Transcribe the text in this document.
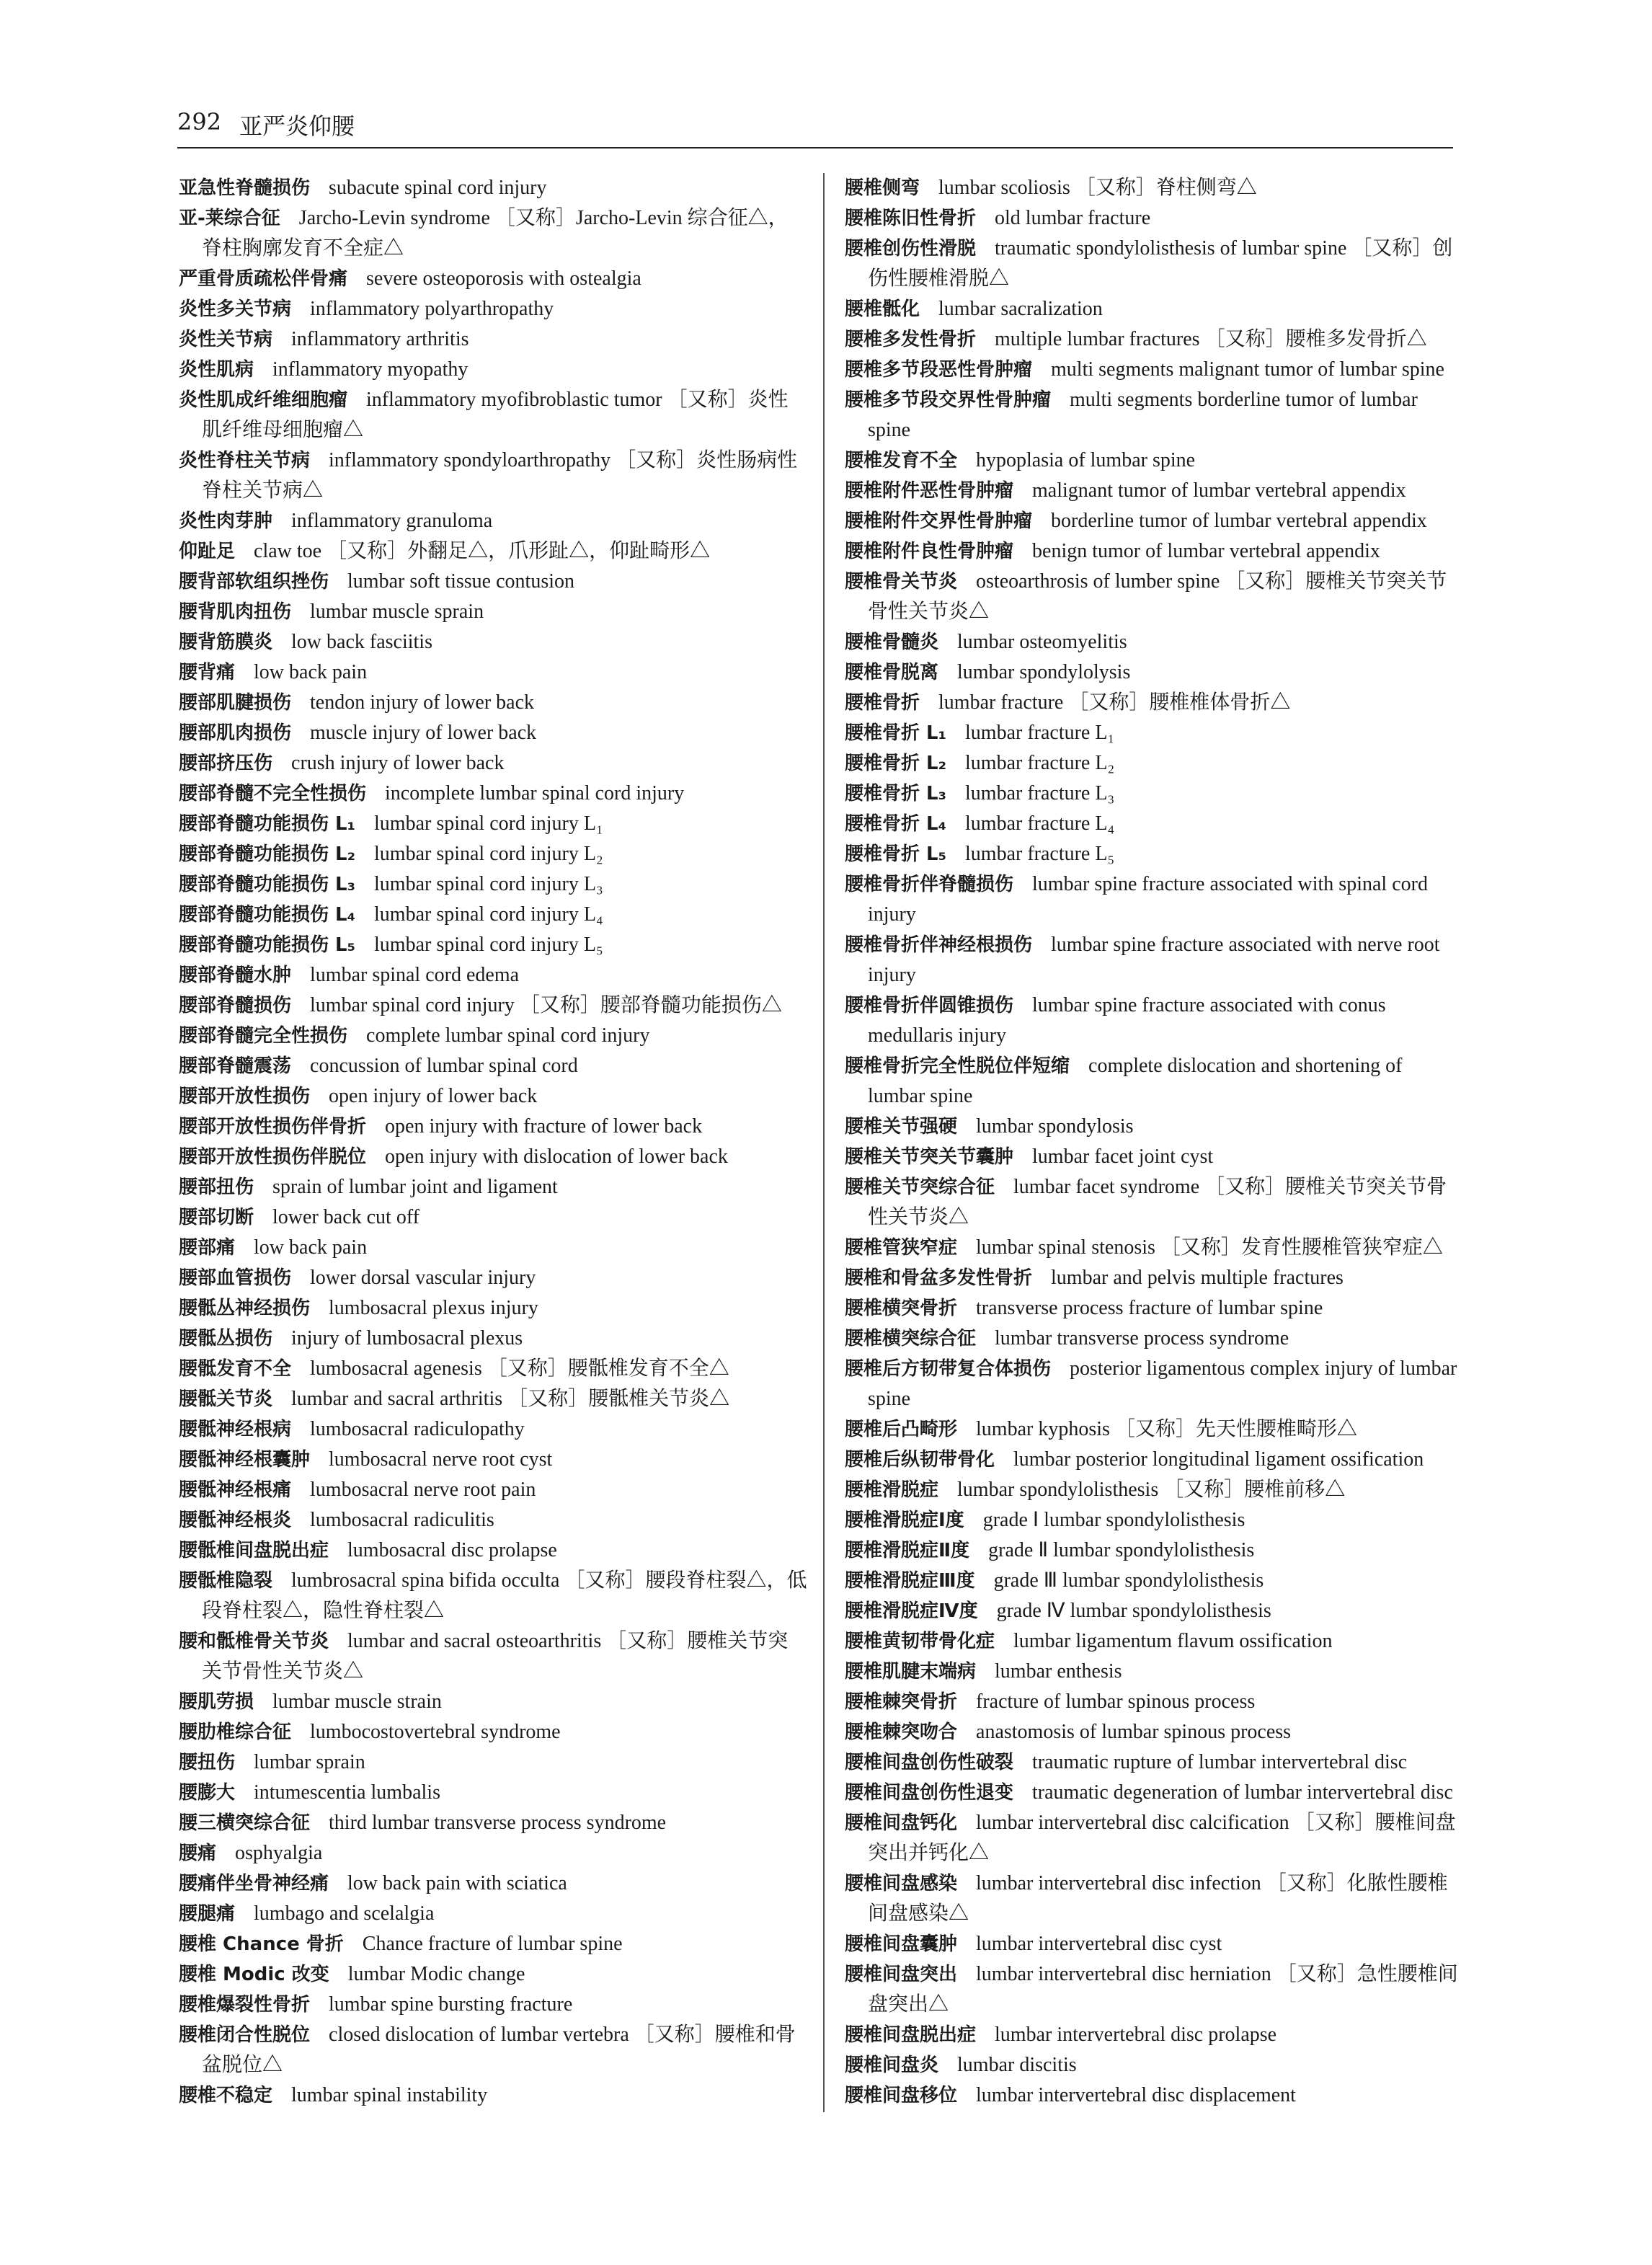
292 亚严炎仰腰

亚急性脊髓损伤 subacute spinal cord injury

亚-莱综合征 Jarcho-Levin syndrome ［又称］Jarcho-Levin 综合征△，脊柱胸廓发育不全症△

严重骨质疏松伴骨痛 severe osteoporosis with ostealgia

炎性多关节病 inflammatory polyarthropathy

炎性关节病 inflammatory arthritis

炎性肌病 inflammatory myopathy

炎性肌成纤维细胞瘤 inflammatory myofibroblastic tumor ［又称］炎性肌纤维母细胞瘤△

炎性脊柱关节病 inflammatory spondyloarthropathy ［又称］炎性肠病性脊柱关节病△

炎性肉芽肿 inflammatory granuloma

仰趾足 claw toe ［又称］外翻足△，爪形趾△，仰趾畸形△

腰背部软组织挫伤 lumbar soft tissue contusion

腰背肌肉扭伤 lumbar muscle sprain

腰背筋膜炎 low back fasciitis

腰背痛 low back pain

腰部肌腱损伤 tendon injury of lower back

腰部肌肉损伤 muscle injury of lower back

腰部挤压伤 crush injury of lower back

腰部脊髓不完全性损伤 incomplete lumbar spinal cord injury

腰部脊髓功能损伤 L₁ lumbar spinal cord injury L₁

腰部脊髓功能损伤 L₂ lumbar spinal cord injury L₂

腰部脊髓功能损伤 L₃ lumbar spinal cord injury L₃

腰部脊髓功能损伤 L₄ lumbar spinal cord injury L₄

腰部脊髓功能损伤 L₅ lumbar spinal cord injury L₅

腰部脊髓水肿 lumbar spinal cord edema

腰部脊髓损伤 lumbar spinal cord injury ［又称］腰部脊髓功能损伤△

腰部脊髓完全性损伤 complete lumbar spinal cord injury

腰部脊髓震荡 concussion of lumbar spinal cord

腰部开放性损伤 open injury of lower back

腰部开放性损伤伴骨折 open injury with fracture of lower back

腰部开放性损伤伴脱位 open injury with dislocation of lower back

腰部扭伤 sprain of lumbar joint and ligament

腰部切断 lower back cut off

腰部痛 low back pain

腰部血管损伤 lower dorsal vascular injury

腰骶丛神经损伤 lumbosacral plexus injury

腰骶丛损伤 injury of lumbosacral plexus

腰骶发育不全 lumbosacral agenesis ［又称］腰骶椎发育不全△

腰骶关节炎 lumbar and sacral arthritis ［又称］腰骶椎关节炎△

腰骶神经根病 lumbosacral radiculopathy

腰骶神经根囊肿 lumbosacral nerve root cyst

腰骶神经根痛 lumbosacral nerve root pain

腰骶神经根炎 lumbosacral radiculitis

腰骶椎间盘脱出症 lumbosacral disc prolapse

腰骶椎隐裂 lumbrosacral spina bifida occulta ［又称］腰段脊柱裂△，低段脊柱裂△，隐性脊柱裂△

腰和骶椎骨关节炎 lumbar and sacral osteoarthritis ［又称］腰椎关节突关节骨性关节炎△

腰肌劳损 lumbar muscle strain

腰肋椎综合征 lumbocostovertebral syndrome

腰扭伤 lumbar sprain

腰膨大 intumescentia lumbalis

腰三横突综合征 third lumbar transverse process syndrome

腰痛 osphyalgia

腰痛伴坐骨神经痛 low back pain with sciatica

腰腿痛 lumbago and scelalgia

腰椎 Chance 骨折 Chance fracture of lumbar spine

腰椎 Modic 改变 lumbar Modic change

腰椎爆裂性骨折 lumbar spine bursting fracture

腰椎闭合性脱位 closed dislocation of lumbar vertebra ［又称］腰椎和骨盆脱位△

腰椎不稳定 lumbar spinal instability

腰椎侧弯 lumbar scoliosis ［又称］脊柱侧弯△

腰椎陈旧性骨折 old lumbar fracture

腰椎创伤性滑脱 traumatic spondylolisthesis of lumbar spine ［又称］创伤性腰椎滑脱△

腰椎骶化 lumbar sacralization

腰椎多发性骨折 multiple lumbar fractures ［又称］腰椎多发骨折△

腰椎多节段恶性骨肿瘤 multi segments malignant tumor of lumbar spine

腰椎多节段交界性骨肿瘤 multi segments borderline tumor of lumbar spine

腰椎发育不全 hypoplasia of lumbar spine

腰椎附件恶性骨肿瘤 malignant tumor of lumbar vertebral appendix

腰椎附件交界性骨肿瘤 borderline tumor of lumbar vertebral appendix

腰椎附件良性骨肿瘤 benign tumor of lumbar vertebral appendix

腰椎骨关节炎 osteoarthrosis of lumber spine ［又称］腰椎关节突关节骨性关节炎△

腰椎骨髓炎 lumbar osteomyelitis

腰椎骨脱离 lumbar spondylolysis

腰椎骨折 lumbar fracture ［又称］腰椎椎体骨折△

腰椎骨折 L₁ lumbar fracture L₁

腰椎骨折 L₂ lumbar fracture L₂

腰椎骨折 L₃ lumbar fracture L₃

腰椎骨折 L₄ lumbar fracture L₄

腰椎骨折 L₅ lumbar fracture L₅

腰椎骨折伴脊髓损伤 lumbar spine fracture associated with spinal cord injury

腰椎骨折伴神经根损伤 lumbar spine fracture associated with nerve root injury

腰椎骨折伴圆锥损伤 lumbar spine fracture associated with conus medullaris injury

腰椎骨折完全性脱位伴短缩 complete dislocation and shortening of lumbar spine

腰椎关节强硬 lumbar spondylosis

腰椎关节突关节囊肿 lumbar facet joint cyst

腰椎关节突综合征 lumbar facet syndrome ［又称］腰椎关节突关节骨性关节炎△

腰椎管狭窄症 lumbar spinal stenosis ［又称］发育性腰椎管狭窄症△

腰椎和骨盆多发性骨折 lumbar and pelvis multiple fractures

腰椎横突骨折 transverse process fracture of lumbar spine

腰椎横突综合征 lumbar transverse process syndrome

腰椎后方韧带复合体损伤 posterior ligamentous complex injury of lumbar spine

腰椎后凸畸形 lumbar kyphosis ［又称］先天性腰椎畸形△

腰椎后纵韧带骨化 lumbar posterior longitudinal ligament ossification

腰椎滑脱症 lumbar spondylolisthesis ［又称］腰椎前移△

腰椎滑脱症Ⅰ度 grade Ⅰ lumbar spondylolisthesis

腰椎滑脱症Ⅱ度 grade Ⅱ lumbar spondylolisthesis

腰椎滑脱症Ⅲ度 grade Ⅲ lumbar spondylolisthesis

腰椎滑脱症Ⅳ度 grade Ⅳ lumbar spondylolisthesis

腰椎黄韧带骨化症 lumbar ligamentum flavum ossification

腰椎肌腱末端病 lumbar enthesis

腰椎棘突骨折 fracture of lumbar spinous process

腰椎棘突吻合 anastomosis of lumbar spinous process

腰椎间盘创伤性破裂 traumatic rupture of lumbar intervertebral disc

腰椎间盘创伤性退变 traumatic degeneration of lumbar intervertebral disc

腰椎间盘钙化 lumbar intervertebral disc calcification ［又称］腰椎间盘突出并钙化△

腰椎间盘感染 lumbar intervertebral disc infection ［又称］化脓性腰椎间盘感染△

腰椎间盘囊肿 lumbar intervertebral disc cyst

腰椎间盘突出 lumbar intervertebral disc herniation ［又称］急性腰椎间盘突出△

腰椎间盘脱出症 lumbar intervertebral disc prolapse

腰椎间盘炎 lumbar discitis

腰椎间盘移位 lumbar intervertebral disc displacement
